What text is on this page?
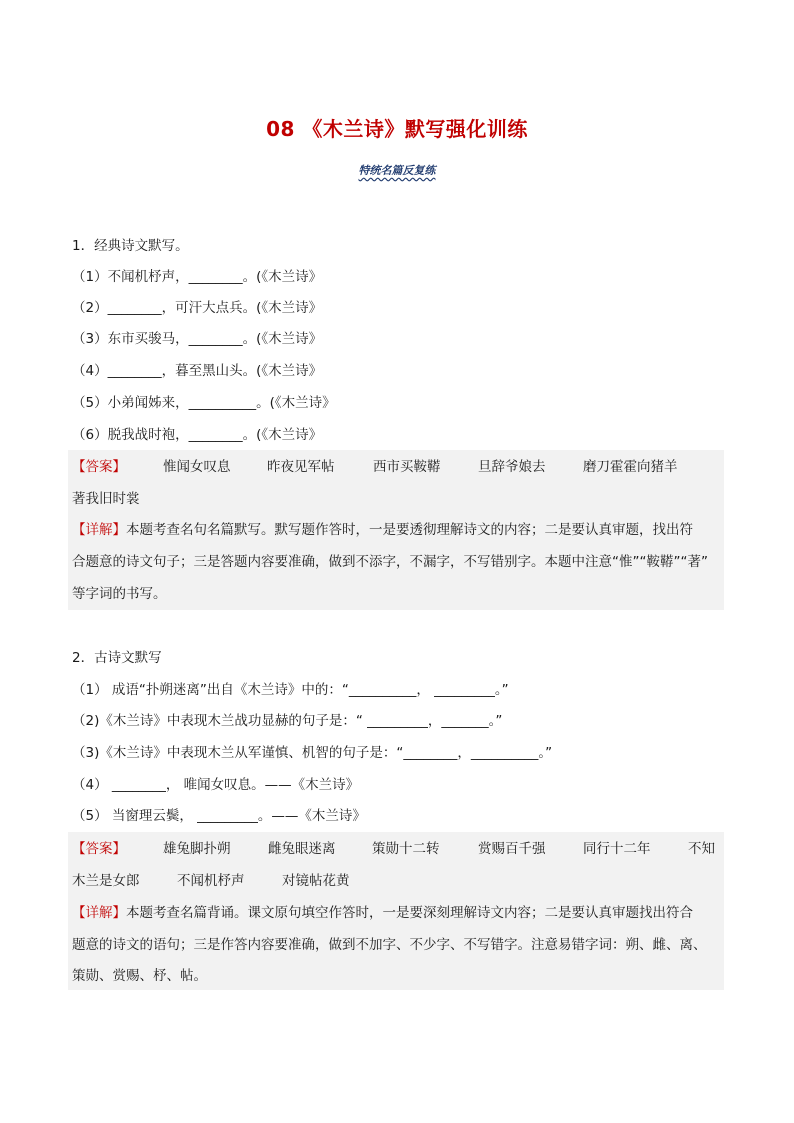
08 《木兰诗》默写强化训练
特统名篇反复练
1．经典诗文默写。
（1）不闻机杼声，________。(《木兰诗》
（2）________，可汗大点兵。(《木兰诗》
（3）东市买骏马，________。(《木兰诗》
（4）________，暮至黑山头。(《木兰诗》
（5）小弟闻姊来，__________。(《木兰诗》
（6）脱我战时袍，________。(《木兰诗》
【答案】	惟闻女叹息	昨夜见军帖	西市买鞍鞯	旦辞爷娘去	磨刀霍霍向猪羊
著我旧时裳
【详解】本题考查名句名篇默写。默写题作答时，一是要透彻理解诗文的内容；二是要认真审题，找出符
合题意的诗文句子；三是答题内容要准确，做到不添字，不漏字，不写错别字。本题中注意“惟”“鞍鞯”“著”
等字词的书写。
2．古诗文默写
（1） 成语“扑朔迷离”出自《木兰诗》中的：“__________， _________。”
（2)《木兰诗》中表现木兰战功显赫的句子是：“ _________，_______。”
（3)《木兰诗》中表现木兰从军谨慎、机智的句子是：“________，__________。”
（4） ________， 唯闻女叹息。——《木兰诗》
（5） 当窗理云鬓， _________。——《木兰诗》
【答案】	雄兔脚扑朔	雌兔眼迷离	策勋十二转	赏赐百千强	同行十二年	不知
木兰是女郎	不闻机杼声	对镜帖花黄
【详解】本题考查名篇背诵。课文原句填空作答时，一是要深刻理解诗文内容；二是要认真审题找出符合
题意的诗文的语句；三是作答内容要准确，做到不加字、不少字、不写错字。注意易错字词：朔、雌、离、
策勋、赏赐、杼、帖。
